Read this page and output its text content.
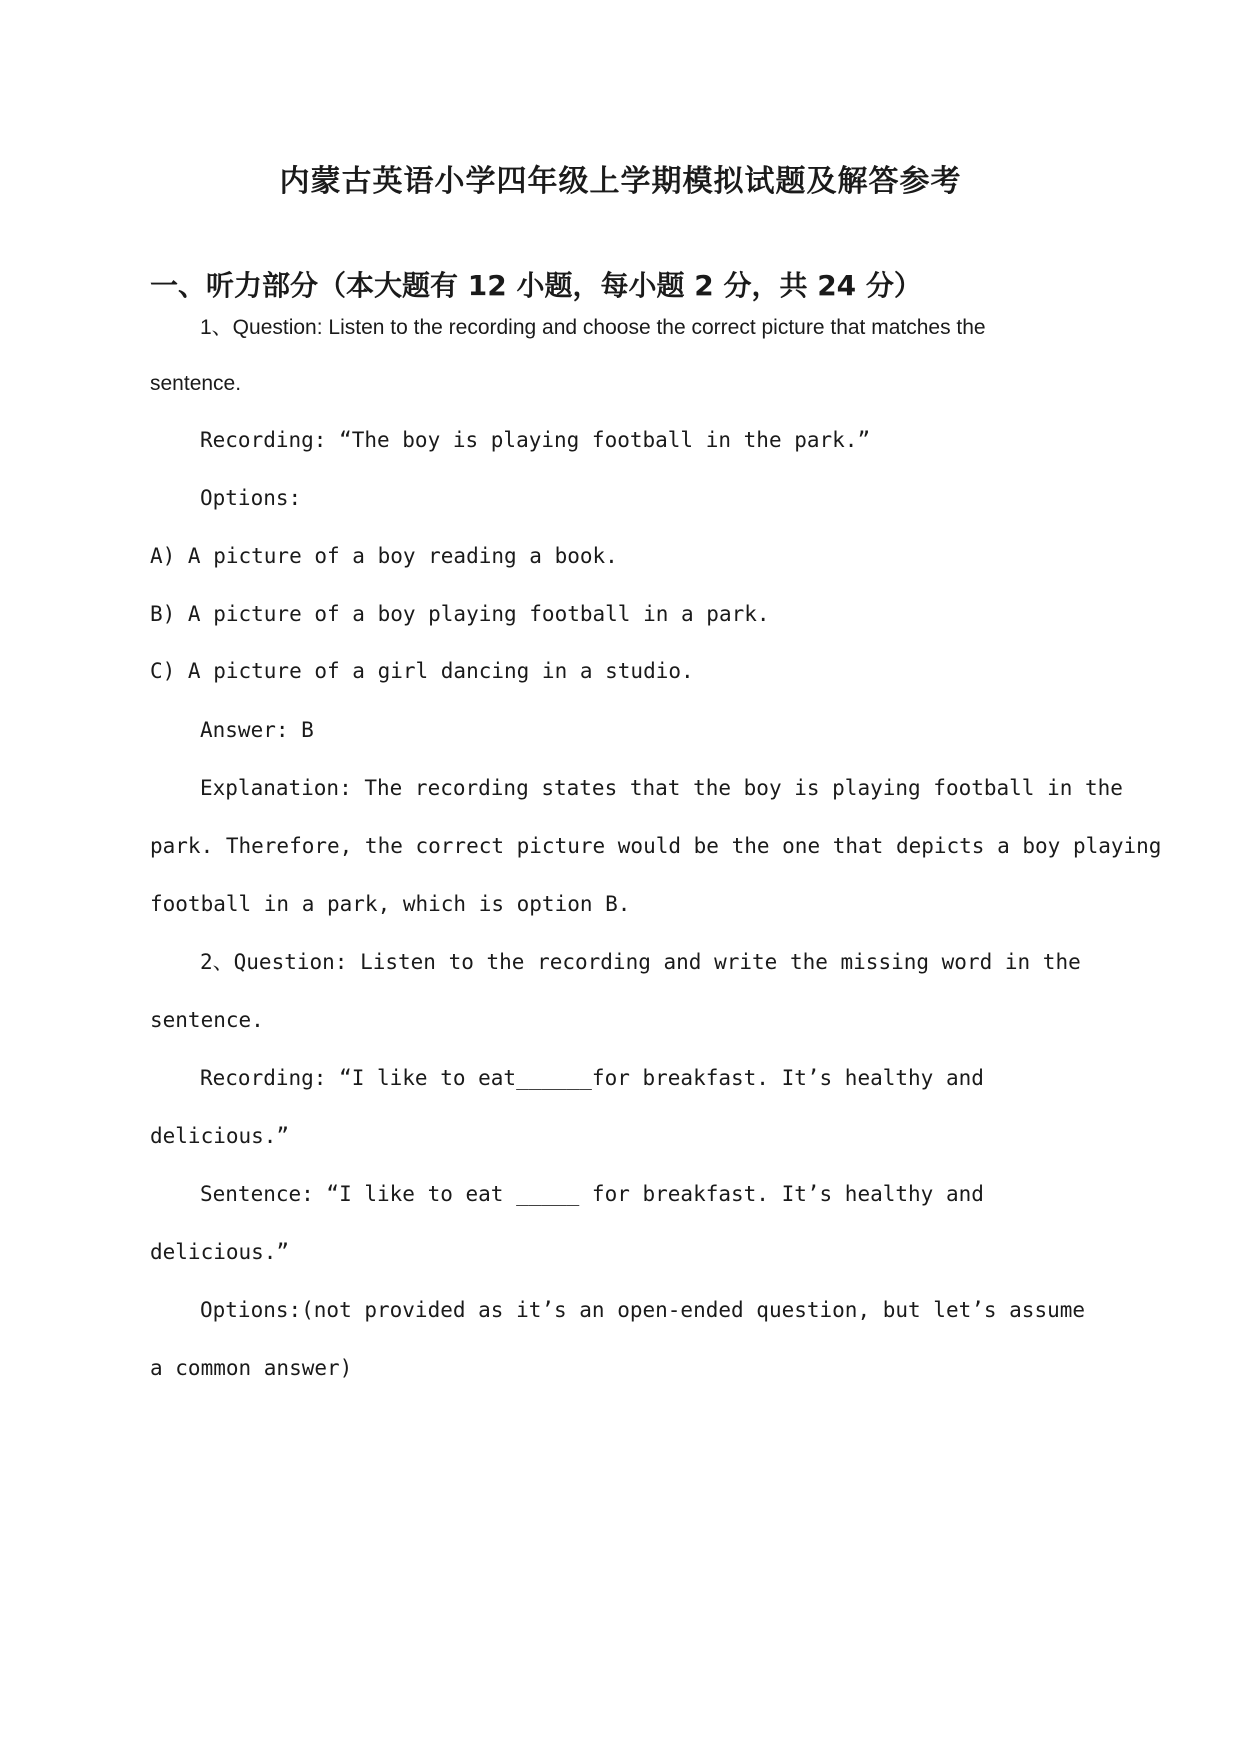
内蒙古英语小学四年级上学期模拟试题及解答参考
一、听力部分（本大题有 12 小题，每小题 2 分，共 24 分）
1、Question: Listen to the recording and choose the correct picture that matches the
sentence.
Recording: “The boy is playing football in the park.”
Options:
A) A picture of a boy reading a book.
B) A picture of a boy playing football in a park.
C) A picture of a girl dancing in a studio.
Answer: B
Explanation: The recording states that the boy is playing football in the
park. Therefore, the correct picture would be the one that depicts a boy playing
football in a park, which is option B.
2、Question: Listen to the recording and write the missing word in the
sentence.
Recording: “I like to eat______for breakfast. It’s healthy and
delicious.”
Sentence: “I like to eat _____ for breakfast. It’s healthy and
delicious.”
Options:(not provided as it’s an open-ended question, but let’s assume
a common answer)
